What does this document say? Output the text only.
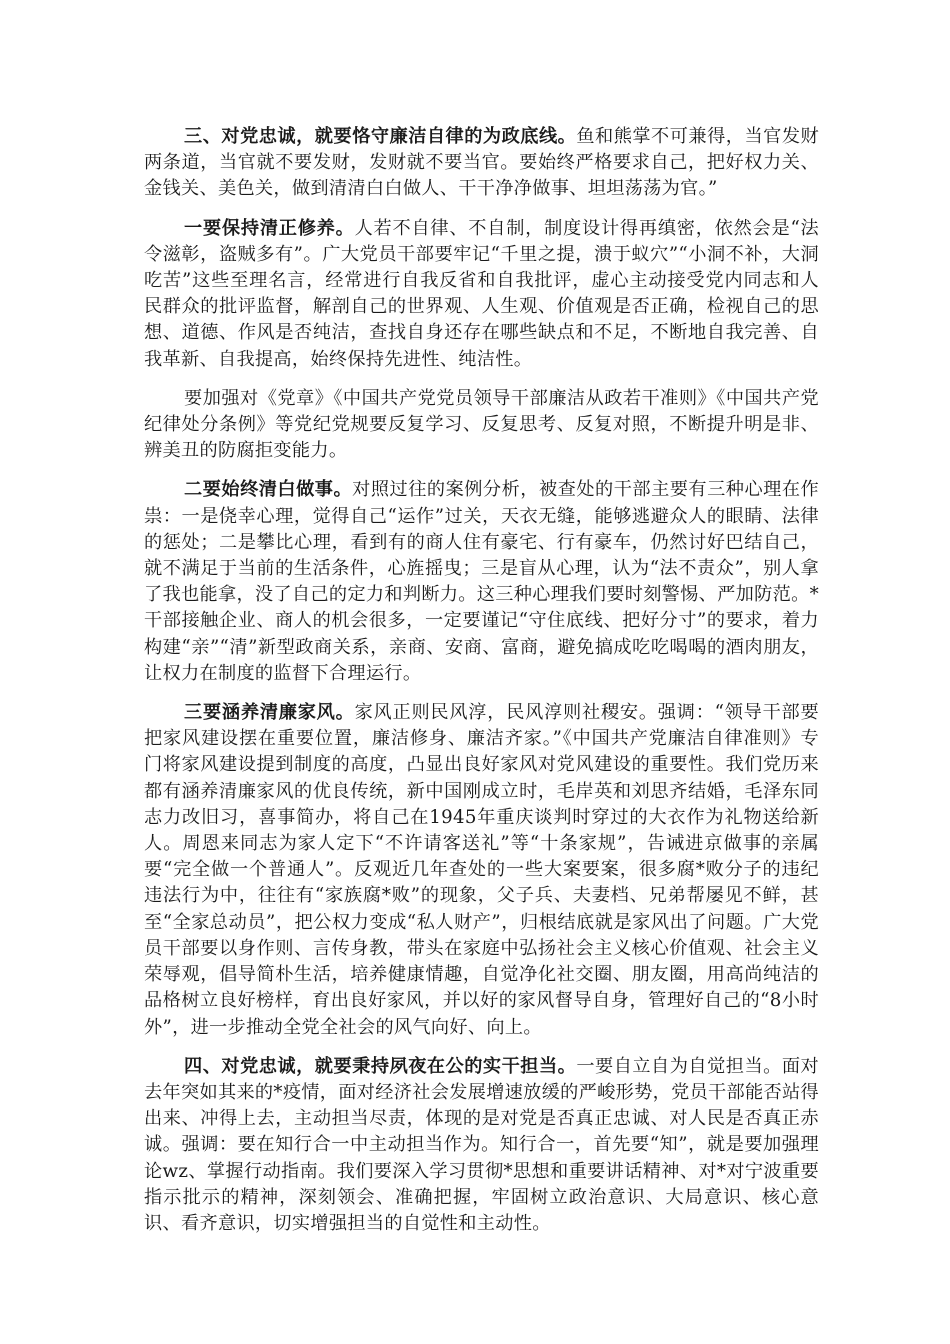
三、对党忠诚，就要恪守廉洁自律的为政底线。鱼和熊掌不可兼得，当官发财两条道，当官就不要发财，发财就不要当官。要始终严格要求自己，把好权力关、金钱关、美色关，做到清清白白做人、干干净净做事、坦坦荡荡为官。”

一要保持清正修养。人若不自律、不自制，制度设计得再缜密，依然会是“法令滋彰，盗贼多有”。广大党员干部要牢记“千里之提，溃于蚁穴”“小洞不补，大洞吃苦”这些至理名言，经常进行自我反省和自我批评，虚心主动接受党内同志和人民群众的批评监督，解剖自己的世界观、人生观、价值观是否正确，检视自己的思想、道德、作风是否纯洁，查找自身还存在哪些缺点和不足，不断地自我完善、自我革新、自我提高，始终保持先进性、纯洁性。

要加强对《党章》《中国共产党党员领导干部廉洁从政若干准则》《中国共产党纪律处分条例》等党纪党规要反复学习、反复思考、反复对照，不断提升明是非、辨美丑的防腐拒变能力。

二要始终清白做事。对照过往的案例分析，被查处的干部主要有三种心理在作祟：一是侥幸心理，觉得自己“运作”过关，天衣无缝，能够逃避众人的眼睛、法律的惩处；二是攀比心理，看到有的商人住有豪宅、行有豪车，仍然讨好巴结自己，就不满足于当前的生活条件，心旌摇曳；三是盲从心理，认为“法不责众”，别人拿了我也能拿，没了自己的定力和判断力。这三种心理我们要时刻警惕、严加防范。*干部接触企业、商人的机会很多，一定要谨记“守住底线、把好分寸”的要求，着力构建“亲”“清”新型政商关系，亲商、安商、富商，避免搞成吃吃喝喝的酒肉朋友，让权力在制度的监督下合理运行。

三要涵养清廉家风。家风正则民风淳，民风淳则社稷安。强调：“领导干部要把家风建设摆在重要位置，廉洁修身、廉洁齐家。”《中国共产党廉洁自律准则》专门将家风建设提到制度的高度，凸显出良好家风对党风建设的重要性。我们党历来都有涵养清廉家风的优良传统，新中国刚成立时，毛岸英和刘思齐结婚，毛泽东同志力改旧习，喜事简办，将自己在1945年重庆谈判时穿过的大衣作为礼物送给新人。周恩来同志为家人定下“不许请客送礼”等“十条家规”，告诫进京做事的亲属要“完全做一个普通人”。反观近几年查处的一些大案要案，很多腐*败分子的违纪违法行为中，往往有“家族腐*败”的现象，父子兵、夫妻档、兄弟帮屡见不鲜，甚至“全家总动员”，把公权力变成“私人财产”，归根结底就是家风出了问题。广大党员干部要以身作则、言传身教，带头在家庭中弘扬社会主义核心价值观、社会主义荣辱观，倡导简朴生活，培养健康情趣，自觉净化社交圈、朋友圈，用高尚纯洁的品格树立良好榜样，育出良好家风，并以好的家风督导自身，管理好自己的“8小时外”，进一步推动全党全社会的风气向好、向上。

四、对党忠诚，就要秉持夙夜在公的实干担当。一要自立自为自觉担当。面对去年突如其来的*疫情，面对经济社会发展增速放缓的严峻形势，党员干部能否站得出来、冲得上去，主动担当尽责，体现的是对党是否真正忠诚、对人民是否真正赤诚。强调：要在知行合一中主动担当作为。知行合一，首先要“知”，就是要加强理论wz、掌握行动指南。我们要深入学习贯彻*思想和重要讲话精神、对*对宁波重要指示批示的精神，深刻领会、准确把握，牢固树立政治意识、大局意识、核心意识、看齐意识，切实增强担当的自觉性和主动性。
